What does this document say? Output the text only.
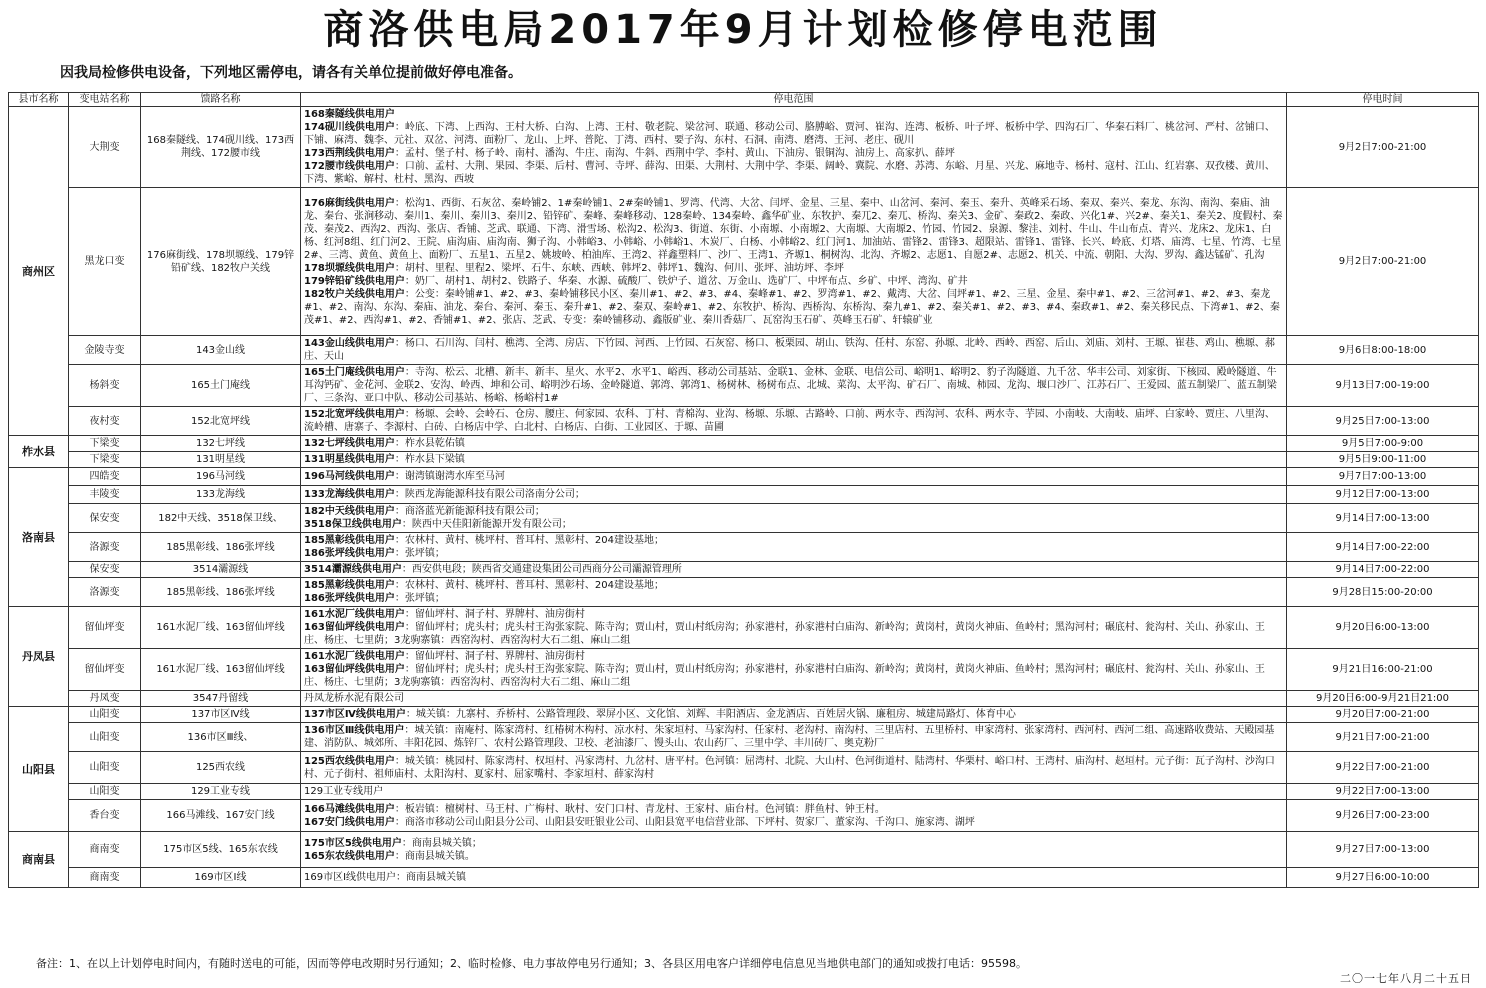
商洛供电局2017年9月计划检修停电范围
因我局检修供电设备，下列地区需停电，请各有关单位提前做好停电准备。
县市名称	变电站名称	馈路名称	停电范围	停电时间
商州区	大荆变	168秦隧线、174砚川线、173西荆线、172腰市线	168秦隧线供电用户
174砚川线供电用户：岭底、下湾、上西沟、王村大桥、白沟、上湾、王村、敬老院、梁岔河、联通、移动公司、胳膊峪、贾河、崔沟、连湾、板桥、叶子坪、板桥中学、四沟石厂、华秦石料厂、桃岔河、严村、岔铺口、下铺、麻湾、魏李、元社、双岔、河湾、面粉厂、龙山、上坪、普陀、丁湾、西村、要子沟、东村、石洞、南湾、磨湾、王河、老庄、砚川
173西荆线供电用户：孟村、堡子村、杨子岭、南村、潘沟、牛庄、南沟、牛斜、西荆中学、李村、黄山、下油房、银铜沟、油房上、高家扒、薛坪
172腰市线供电用户：口前、孟村、大荆、果园、李渠、后村、曹河、寺坪、薛沟、田渠、大荆村、大荆中学、李渠、阔岭、冀院、水磨、苏湾、东峪、月星、兴龙、麻地寺、杨村、寇村、江山、红岩寨、双孜楼、黄川、下湾、紫峪、解村、杜村、黑沟、西坡	9月2日7:00-21:00
	黑龙口变	176麻街线、178坝塬线、179锌铅矿线、182牧户关线	176麻街线供电用户：松沟1、西街、石灰岔、秦岭铺2、1#秦岭铺1、2#秦岭铺1、罗湾、代湾、大岔、闫坪、金星、三星、秦中、山岔河、秦河、秦玉、秦升、英峰采石场、秦双、秦兴、秦龙、东沟、南沟、秦庙、油龙、秦台、张涧移动、秦川1、秦川、秦川3、秦川2、铅锌矿、秦峰、秦峰移动、128秦岭、134秦岭、鑫华矿业、东牧护、秦兀2、秦兀、桥沟、秦关3、金矿、秦政2、秦政、兴化1#、兴2#、秦关1、秦关2、度假村、秦茂、秦茂2、西沟2、西沟、张店、香铺、芝武、联通、下湾、滑雪场、松沟2、松沟3、街道、东街、小南塬、小南塬2、大南塬、大南塬2、竹园、竹园2、泉源、黎洼、刘村、牛山、牛山布点、青兴、龙床2、龙床1、白杨、红河8组、红门河2、王院、庙沟庙、庙沟南、狮子沟、小韩峪3、小韩峪、小韩峪1、木炭厂、白杨、小韩峪2、红门河1、加油站、雷锋2、雷锋3、超限站、雷锋1、雷锋、长兴、岭底、灯塔、庙湾、七星、竹湾、七星2#、三湾、黄鱼、黄鱼上、面粉厂、五星1、五星2、姚坡岭、柏油库、王湾2、祥鑫塑料厂、沙厂、王湾1、齐塬1、桐树沟、北沟、齐塬2、志愿1、自愿2#、志愿2、机关、中流、朝阳、大沟、罗沟、鑫达锰矿、孔沟
178坝塬线供电用户：胡村、里程、里程2、梁坪、石牛、东峡、西峡、韩坪2、韩坪1、魏沟、何川、张坪、油坊坪、李坪
179锌铅矿线供电用户：奶厂、胡村1、胡村2、铁路子、华秦、水源、硫酸厂、铁炉子、道岔、万金山、选矿厂、中坪布点、乡矿、中坪、湾沟、矿井
182牧户关线供电用户：公变：秦岭铺#1、#2、#3、秦岭铺移民小区、秦川#1、#2、#3、#4、秦峰#1、#2、罗湾#1、#2、戴湾、大岔、闫坪#1、#2、三星、金星、秦中#1、#2、三岔河#1、#2、#3、秦龙#1、#2、南沟、东沟、秦庙、油龙、秦台、秦河、秦玉、秦升#1、#2、秦双、秦岭#1、#2、东牧护、桥沟、西桥沟、东桥沟、秦九#1、#2、秦关#1、#2、#3、#4、秦政#1、#2、秦关移民点、下湾#1、#2、秦茂#1、#2、西沟#1、#2、香铺#1、#2、张店、芝武、专变：秦岭铺移动、鑫版矿业、秦川香菇厂、瓦窑沟玉石矿、英峰玉石矿、轩辕矿业	9月2日7:00-21:00
	金陵寺变	143金山线	143金山线供电用户：杨口、石川沟、闫村、樵湾、全湾、房店、下竹园、河西、上竹园、石灰窑、杨口、板栗园、胡山、铁沟、任村、东窑、孙塬、北岭、西岭、西窑、后山、刘庙、刘村、王塬、崔巷、鸡山、樵塬、郝庄、天山	9月6日8:00-18:00
	杨斜变	165土门庵线	165土门庵线供电用户：寺沟、松云、北槽、新丰、新丰、星火、水平2、水平1、峪西、移动公司基站、金联1、金林、金联、电信公司、峪明1、峪明2、豹子沟隧道、九千岔、华丰公司、刘家街、下核园、殿岭隧道、牛耳沟钙矿、金花河、金联2、安沟、岭西、坤和公司、峪明沙石场、金岭隧道、郭湾、郭湾1、杨树林、杨树布点、北城、菜沟、太平沟、矿石厂、南城、柿园、龙沟、堰口沙厂、江苏石厂、王爱园、蓝五制梁厂、蓝五制梁厂、三条沟、亚口中队、移动公司基站、杨峪、杨峪村1#	9月13日7:00-19:00
	夜村变	152北宽坪线	152北宽坪线供电用户：杨塬、会岭、会岭石、仓房、腰庄、何家园、农科、丁村、青棉沟、业沟、杨塬、乐塬、古路岭、口前、两水寺、西沟河、农科、两水寺、芋园、小南岐、大南岐、庙坪、白家岭、贾庄、八里沟、流岭槽、唐寨子、李源村、白砖、白杨店中学、白北村、白杨店、白街、工业园区、于塬、苗圃	9月25日7:00-13:00
柞水县	下梁变	132七坪线	132七坪线供电用户：柞水县乾佑镇	9月5日7:00-9:00
	下梁变	131明星线	131明星线供电用户：柞水县下梁镇	9月5日9:00-11:00
洛南县	四皓变	196马河线	196马河线供电用户：谢湾镇谢湾水库至马河	9月7日7:00-13:00
	丰陵变	133龙海线	133龙海线供电用户：陕西龙海能源科技有限公司洛南分公司；	9月12日7:00-13:00
	保安变	182中天线、3518保卫线、	182中天线供电用户：商洛蓝光新能源科技有限公司；
3518保卫线供电用户：陕西中天佳阳新能源开发有限公司；	9月14日7:00-13:00
	洛源变	185黑彰线、186张坪线	185黑彰线供电用户：农林村、黄村、桃坪村、普耳村、黑彰村、204建设基地；
186张坪线供电用户：张坪镇；	9月14日7:00-22:00
	保安变	3514灞源线	3514灞源线供电用户：西安供电段；陕西省交通建设集团公司西商分公司灞源管理所	9月14日7:00-22:00
	洛源变	185黑彰线、186张坪线	185黑彰线供电用户：农林村、黄村、桃坪村、普耳村、黑彰村、204建设基地；
186张坪线供电用户：张坪镇；	9月28日15:00-20:00
丹凤县	留仙坪变	161水泥厂线、163留仙坪线	161水泥厂线供电用户：留仙坪村、洞子村、界牌村、油房街村
163留仙坪线供电用户：留仙坪村；虎头村；虎头村王沟张家院、陈寺沟；贾山村，贾山村纸房沟；孙家港村，孙家港村白庙沟、新岭沟；黄岗村，黄岗火神庙、鱼岭村；黑沟河村；碾底村、瓮沟村、关山、孙家山、王庄、杨庄、七里荫；3龙驹寨镇：西窑沟村、西窑沟村大石二组、麻山二组	9月20日6:00-13:00
	留仙坪变	161水泥厂线、163留仙坪线	161水泥厂线供电用户：留仙坪村、洞子村、界牌村、油房街村
163留仙坪线供电用户：留仙坪村；虎头村；虎头村王沟张家院、陈寺沟；贾山村，贾山村纸房沟；孙家港村，孙家港村白庙沟、新岭沟；黄岗村，黄岗火神庙、鱼岭村；黑沟河村；碾底村、瓮沟村、关山、孙家山、王庄、杨庄、七里荫；3龙驹寨镇：西窑沟村、西窑沟村大石二组、麻山二组	9月21日16:00-21:00
	丹凤变	3547丹留线	丹凤龙桥水泥有限公司	9月20日6:00-9月21日21:00
山阳县	山阳变	137市区Ⅳ线	137市区Ⅳ线供电用户：城关镇：九寨村、乔桥村、公路管理段、翠屏小区、文化馆、刘辉、丰阳酒店、金龙酒店、百姓居火锅、廉租房、城建局路灯、体育中心	9月20日7:00-21:00
	山阳变	136市区Ⅲ线、	136市区Ⅲ线供电用户：城关镇：南庵村、陈家湾村、红椿树木构村、凉水村、朱家垣村、马家沟村、任家村、老沟村、南沟村、三里店村、五里桥村、申家湾村、张家湾村、西河村、西河二组、高速路收费站、天殿园基建、消防队、城郊所、丰阳花园、炼锌厂、农村公路管理段、卫校、老油漆厂、馒头山、农山药厂、三里中学、丰川砖厂、奥克粉厂	9月21日7:00-21:00
	山阳变	125西农线	125西农线供电用户：城关镇：桃园村、陈家湾村、权垣村、冯家湾村、九岔村、唐平村。色河镇：屈湾村、北院、大山村、色河街道村、陆湾村、华栗村、峪口村、王湾村、庙沟村、赵垣村。元子街：瓦子沟村、沙沟口村、元子街村、祖师庙村、太阳沟村、夏家村、屈家嘴村、李家垣村、薛家沟村	9月22日7:00-21:00
	山阳变	129工业专线	129工业专线用户	9月22日7:00-13:00
	香台变	166马滩线、167安门线	166马滩线供电用户：板岩镇：檀树村、马王村、广梅村、耿村、安门口村、青龙村、王家村、庙台村。色河镇：胖鱼村、钟王村。
167安门线供电用户：商洛市移动公司山阳县分公司、山阳县安旺银业公司、山阳县宽平电信营业部、下坪村、贺家厂、董家沟、千沟口、施家湾、湖坪	9月26日7:00-23:00
商南县	商南变	175市区5线、165东农线	175市区5线供电用户：商南县城关镇；
165东农线供电用户：商南县城关镇。	9月27日7:00-13:00
	商南变	169市区I线	169市区I线供电用户：商南县城关镇	9月27日6:00-10:00
备注：1、在以上计划停电时间内，有随时送电的可能，因而等停电改期时另行通知；2、临时检修、电力事故停电另行通知；3、各县区用电客户详细停电信息见当地供电部门的通知或拨打电话：95598。
二〇一七年八月二十五日
